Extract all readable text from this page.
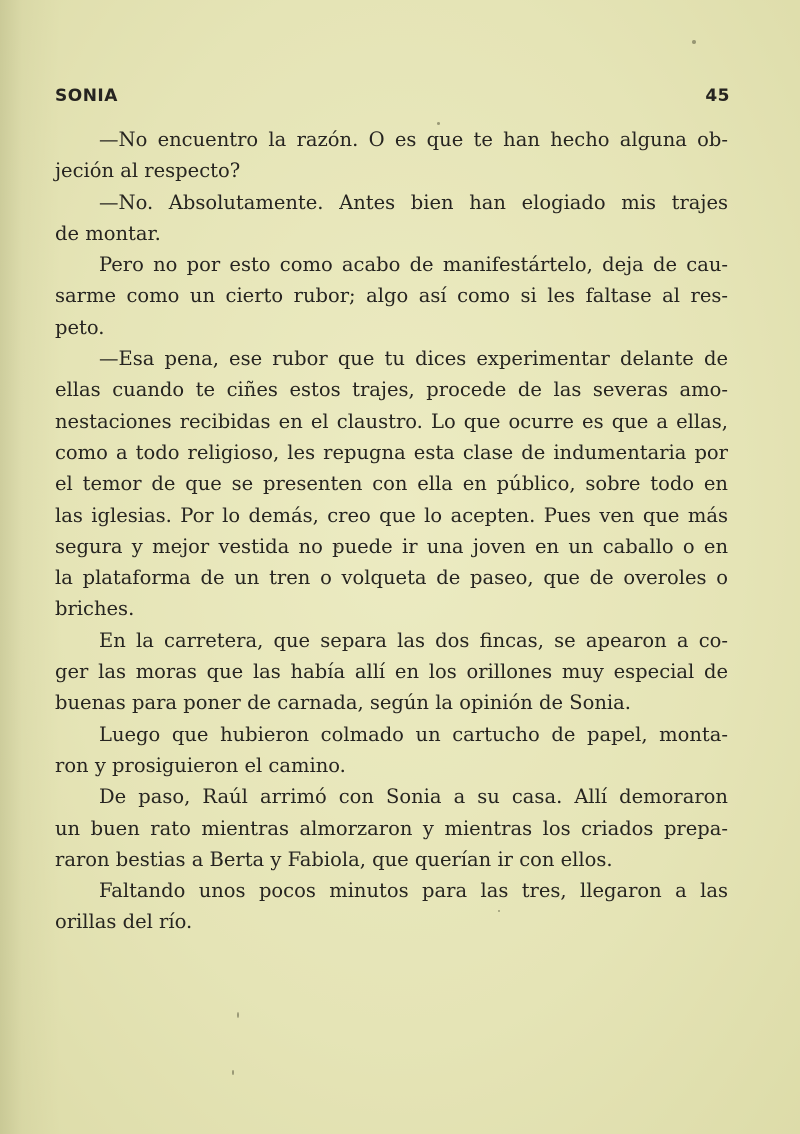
SONIA	45
—No encuentro la razón. O es que te han hecho alguna ob-
jeción al respecto?
—No. Absolutamente. Antes bien han elogiado mis trajes
de montar.
Pero no por esto como acabo de manifestártelo, deja de cau-
sarme como un cierto rubor; algo así como si les faltase al res-
peto.
—Esa pena, ese rubor que tu dices experimentar delante de
ellas cuando te ciñes estos trajes, procede de las severas amo-
nestaciones recibidas en el claustro. Lo que ocurre es que a ellas,
como a todo religioso, les repugna esta clase de indumentaria por
el temor de que se presenten con ella en público, sobre todo en
las iglesias. Por lo demás, creo que lo acepten. Pues ven que más
segura y mejor vestida no puede ir una joven en un caballo o en
la plataforma de un tren o volqueta de paseo, que de overoles o
briches.
En la carretera, que separa las dos fincas, se apearon a co-
ger las moras que las había allí en los orillones muy especial de
buenas para poner de carnada, según la opinión de Sonia.
Luego que hubieron colmado un cartucho de papel, monta-
ron y prosiguieron el camino.
De paso, Raúl arrimó con Sonia a su casa. Allí demoraron
un buen rato mientras almorzaron y mientras los criados prepa-
raron bestias a Berta y Fabiola, que querían ir con ellos.
Faltando unos pocos minutos para las tres, llegaron a las
orillas del río.
